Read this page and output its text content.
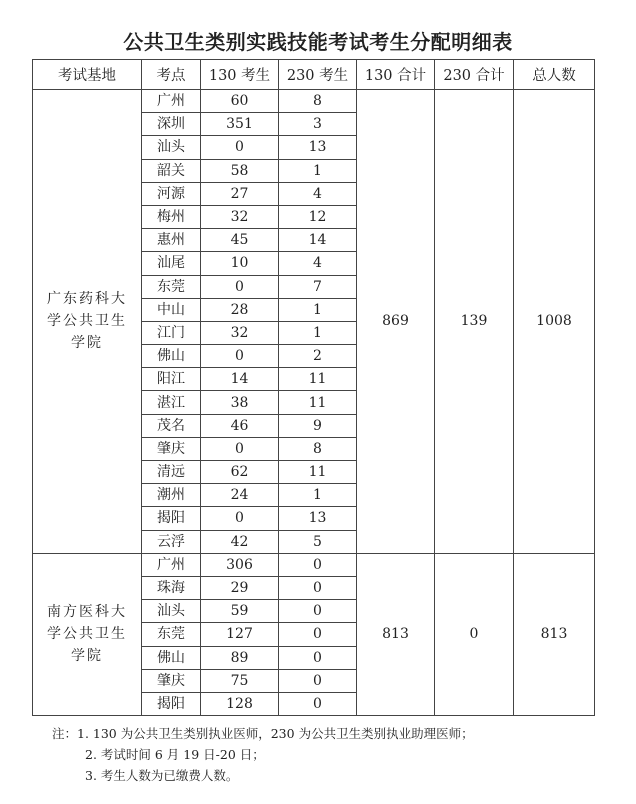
公共卫生类别实践技能考试考生分配明细表
考试基地	考点	130 考生	230 考生	130 合计	230 合计	总人数
广东药科大学公共卫生学院	广州	60	8	869	139	1008
	深圳	351	3			
	汕头	0	13			
	韶关	58	1			
	河源	27	4			
	梅州	32	12			
	惠州	45	14			
	汕尾	10	4			
	东莞	0	7			
	中山	28	1			
	江门	32	1			
	佛山	0	2			
	阳江	14	11			
	湛江	38	11			
	茂名	46	9			
	肇庆	0	8			
	清远	62	11			
	潮州	24	1			
	揭阳	0	13			
	云浮	42	5			
南方医科大学公共卫生学院	广州	306	0	813	0	813
	珠海	29	0			
	汕头	59	0			
	东莞	127	0			
	佛山	89	0			
	肇庆	75	0			
	揭阳	128	0			
注：1. 130 为公共卫生类别执业医师，230 为公共卫生类别执业助理医师；
2. 考试时间 6 月 19 日-20 日；
3. 考生人数为已缴费人数。
